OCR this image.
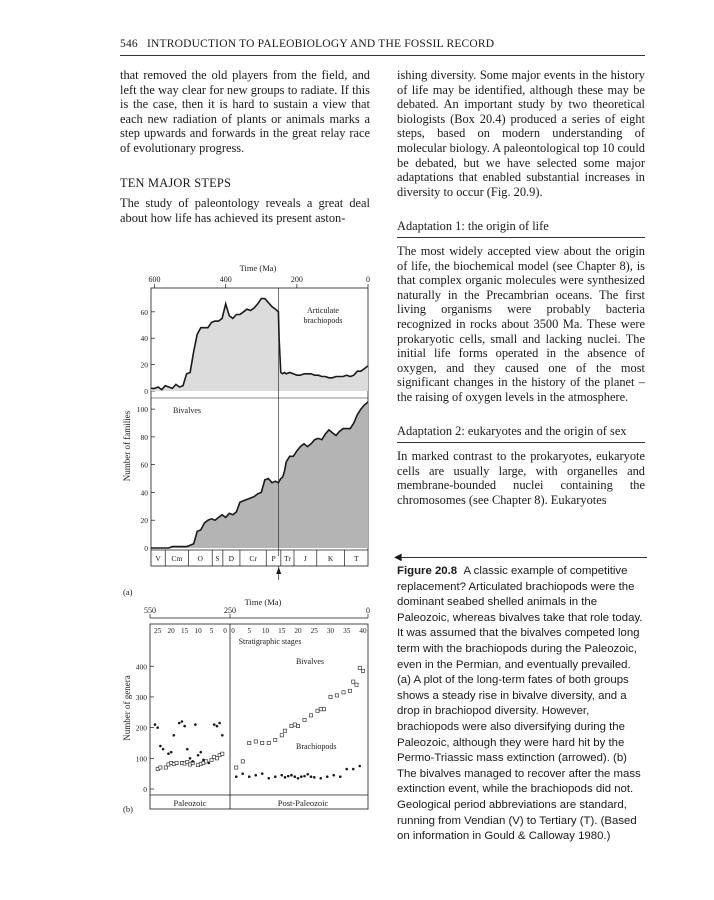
546 INTRODUCTION TO PALEOBIOLOGY AND THE FOSSIL RECORD

that removed the old players from the field, and left the way clear for new groups to radiate. If this is the case, then it is hard to sustain a view that each new radiation of plants or animals marks a step upwards and forwards in the great relay race of evolutionary progress.

TEN MAJOR STEPS

The study of paleontology reveals a great deal about how life has achieved its present aston-

ishing diversity. Some major events in the history of life may be identified, although these may be debated. An important study by two theoretical biologists (Box 20.4) produced a series of eight steps, based on modern understanding of molecular biology. A paleontological top 10 could be debated, but we have selected some major adaptations that enabled substantial increases in diversity to occur (Fig. 20.9).

Adaptation 1: the origin of life

The most widely accepted view about the origin of life, the biochemical model (see Chapter 8), is that complex organic molecules were synthesized naturally in the Precambrian oceans. The first living organisms were probably bacteria recognized in rocks about 3500 Ma. These were prokaryotic cells, small and lacking nuclei. The initial life forms operated in the absence of oxygen, and they caused one of the most significant changes in the history of the planet – the raising of oxygen levels in the atmosphere.

Adaptation 2: eukaryotes and the origin of sex

In marked contrast to the prokaryotes, eukaryote cells are usually large, with organelles and membrane-bounded nuclei containing the chromosomes (see Chapter 8). Eukaryotes

Time (Ma)
600	400	200	0
0
20
40
60
0
20
40
60
80
100
Number of families
Articulate
brachiopods
Bivalves
V Cm O S D Cr P Tr J	K	T
(a)
Time (Ma)
550	250	0
25 20 15 10 5 0 0 5 10 15 20 25 30 35 40
Stratigraphic stages
0
100
200
300
400
Bivalves
Brachiopods
Number of genera
Paleozoic	Post-Paleozoic
(b)
◀
Figure 20.8 A classic example of competitive replacement? Articulated brachiopods were the dominant seabed shelled animals in the Paleozoic, whereas bivalves take that role today. It was assumed that the bivalves competed long term with the brachiopods during the Paleozoic, even in the Permian, and eventually prevailed. (a) A plot of the long-term fates of both groups shows a steady rise in bivalve diversity, and a drop in brachiopod diversity. However, brachiopods were also diversifying during the Paleozoic, although they were hard hit by the Permo-Triassic mass extinction (arrowed). (b) The bivalves managed to recover after the mass extinction event, while the brachiopods did not. Geological period abbreviations are standard, running from Vendian (V) to Tertiary (T). (Based on information in Gould & Calloway 1980.)
